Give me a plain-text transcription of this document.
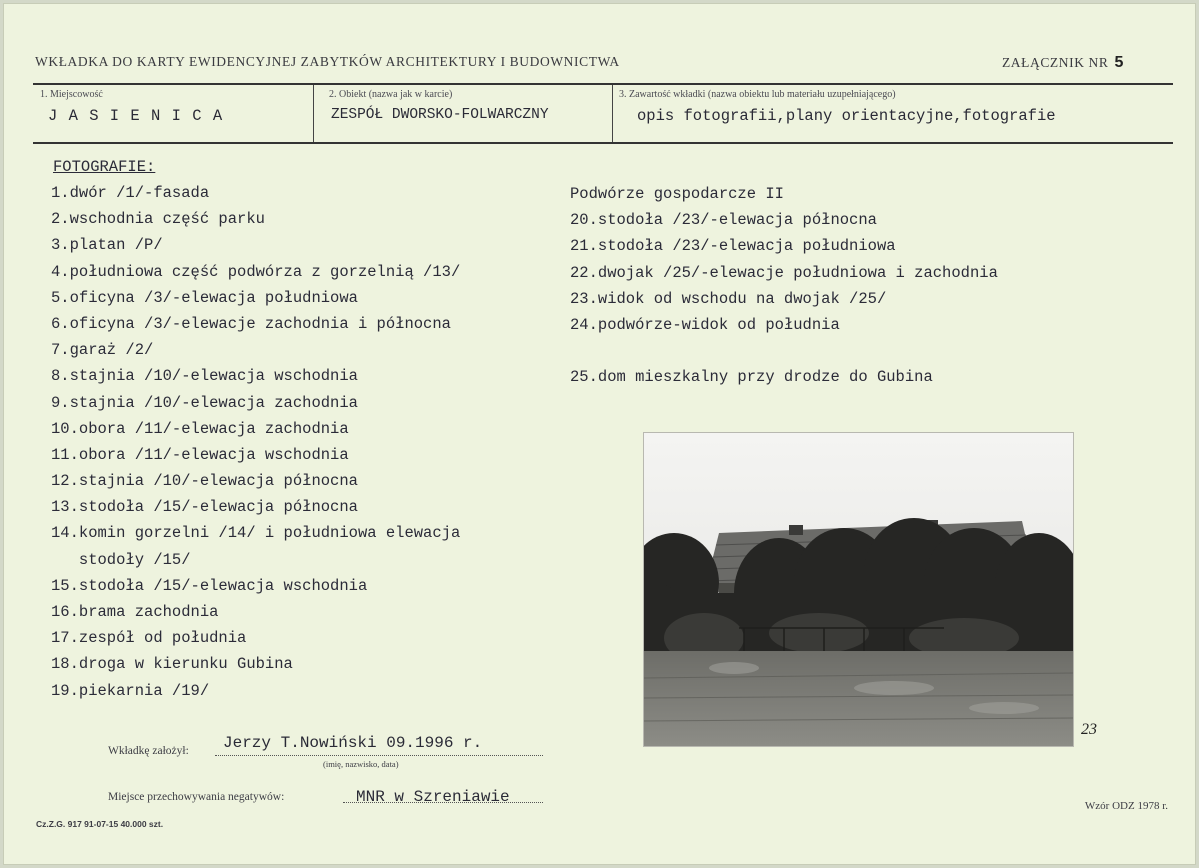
WKŁADKA DO KARTY EWIDENCYJNEJ ZABYTKÓW ARCHITEKTURY I BUDOWNICTWA	ZAŁĄCZNIK NR 5
1. Miejscowość
J A S I E N I C A
2. Obiekt (nazwa jak w karcie)
ZESPÓŁ DWORSKO-FOLWARCZNY
3. Zawartość wkładki (nazwa obiektu lub materiału uzupełniającego)
opis fotografii,plany orientacyjne,fotografie
FOTOGRAFIE:
1.dwór /1/-fasada
2.wschodnia część parku
3.platan /P/
4.południowa część podwórza z gorzelnią /13/
5.oficyna /3/-elewacja południowa
6.oficyna /3/-elewacje zachodnia i północna
7.garaż /2/
8.stajnia /10/-elewacja wschodnia
9.stajnia /10/-elewacja zachodnia
10.obora /11/-elewacja zachodnia
11.obora /11/-elewacja wschodnia
12.stajnia /10/-elewacja północna
13.stodoła /15/-elewacja północna
14.komin gorzelni /14/ i południowa elewacja
stodoły /15/
15.stodoła /15/-elewacja wschodnia
16.brama zachodnia
17.zespół od południa
18.droga w kierunku Gubina
19.piekarnia /19/
Podwórze gospodarcze II
20.stodoła /23/-elewacja północna
21.stodoła /23/-elewacja południowa
22.dwojak /25/-elewacje południowa i zachodnia
23.widok od wschodu na dwojak /25/
24.podwórze-widok od południa
25.dom mieszkalny przy drodze do Gubina
23
Wkładkę założył: Jerzy T.Nowiński 09.1996 r.
(imię, nazwisko, data)
Miejsce przechowywania negatywów:	MNR w Szreniawie
Cz.Z.G. 917 91-07-15 40.000 szt.
Wzór ODZ 1978 r.
